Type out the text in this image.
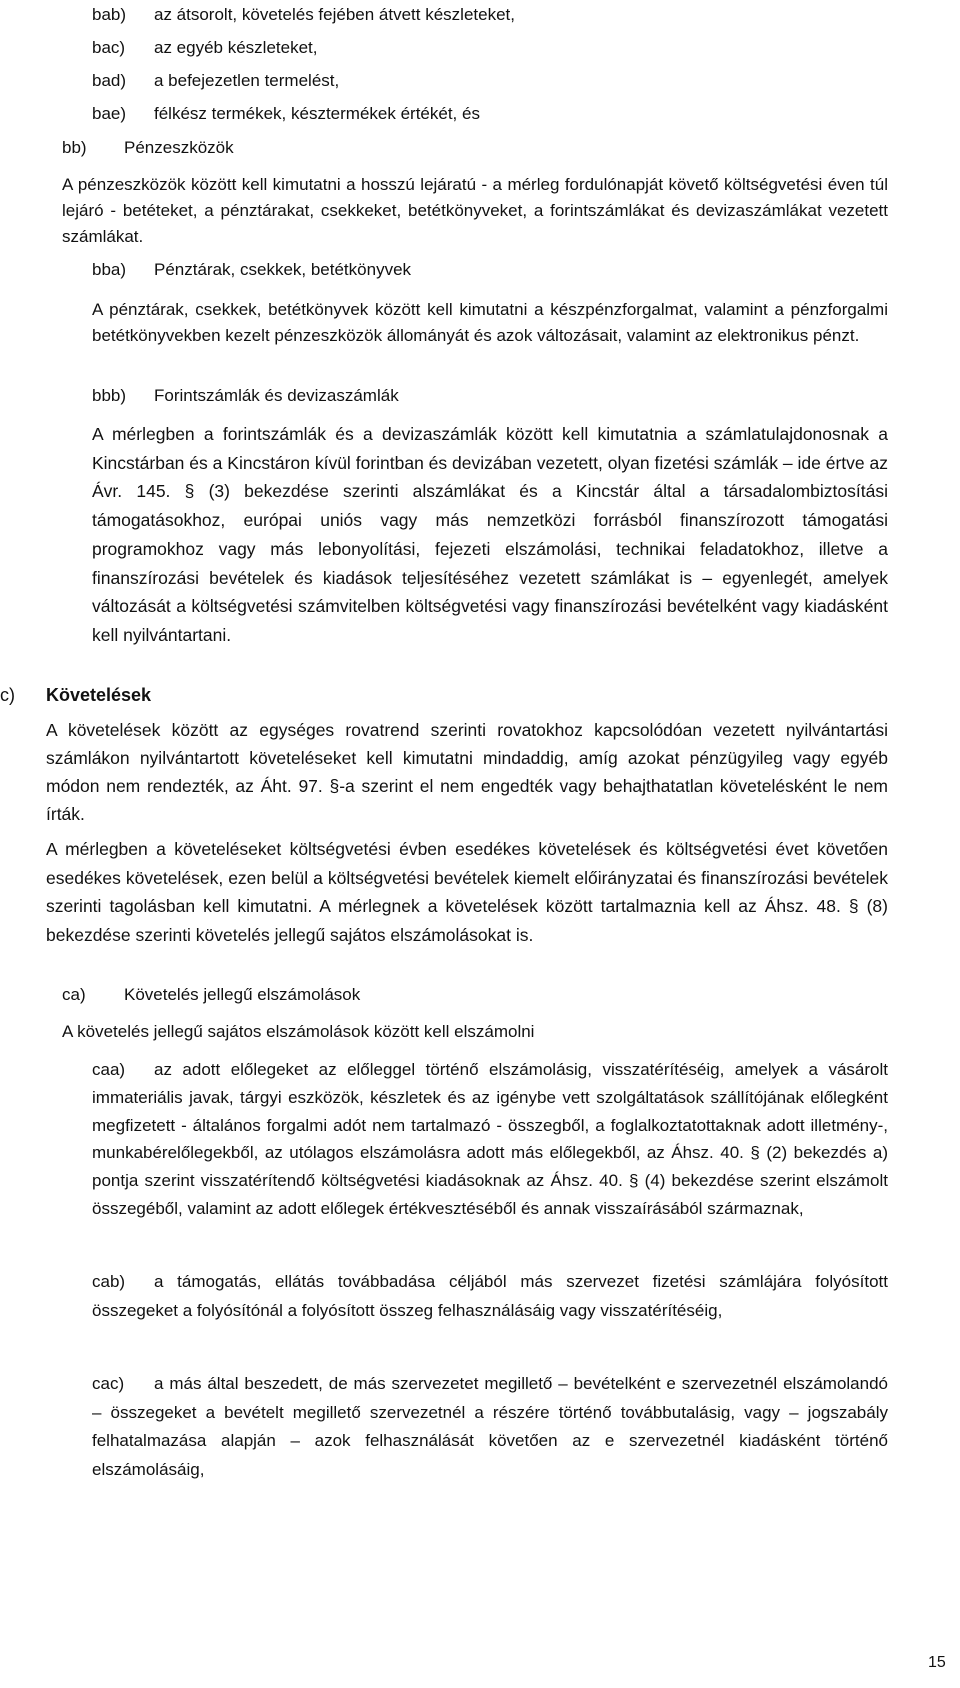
bab) az átsorolt, követelés fejében átvett készleteket,
bac) az egyéb készleteket,
bad) a befejezetlen termelést,
bae) félkész termékek, késztermékek értékét, és
bb) Pénzeszközök

A pénzeszközök között kell kimutatni a hosszú lejáratú - a mérleg fordulónapját követő költségvetési éven túl lejáró - betéteket, a pénztárakat, csekkeket, betétkönyveket, a forintszámlákat és devizaszámlákat vezetett számlákat.

bba) Pénztárak, csekkek, betétkönyvek

A pénztárak, csekkek, betétkönyvek között kell kimutatni a készpénzforgalmat, valamint a pénzforgalmi betétkönyvekben kezelt pénzeszközök állományát és azok változásait, valamint az elektronikus pénzt.

bbb) Forintszámlák és devizaszámlák

A mérlegben a forintszámlák és a devizaszámlák között kell kimutatnia a számlatulajdonosnak a Kincstárban és a Kincstáron kívül forintban és devizában vezetett, olyan fizetési számlák – ide értve az Ávr. 145. § (3) bekezdése szerinti alszámlákat és a Kincstár által a társadalombiztosítási támogatásokhoz, európai uniós vagy más nemzetközi forrásból finanszírozott támogatási programokhoz vagy más lebonyolítási, fejezeti elszámolási, technikai feladatokhoz, illetve a finanszírozási bevételek és kiadások teljesítéséhez vezetett számlákat is – egyenlegét, amelyek változását a költségvetési számvitelben költségvetési vagy finanszírozási bevételként vagy kiadásként kell nyilvántartani.

c) Követelések

A követelések között az egységes rovatrend szerinti rovatokhoz kapcsolódóan vezetett nyilvántartási számlákon nyilvántartott követeléseket kell kimutatni mindaddig, amíg azokat pénzügyileg vagy egyéb módon nem rendezték, az Áht. 97. §-a szerint el nem engedték vagy behajthatatlan követelésként le nem írták.

A mérlegben a követeléseket költségvetési évben esedékes követelések és költségvetési évet követően esedékes követelések, ezen belül a költségvetési bevételek kiemelt előirányzatai és finanszírozási bevételek szerinti tagolásban kell kimutatni. A mérlegnek a követelések között tartalmaznia kell az Áhsz. 48. § (8) bekezdése szerinti követelés jellegű sajátos elszámolásokat is.

ca) Követelés jellegű elszámolások
A követelés jellegű sajátos elszámolások között kell elszámolni

caa) az adott előlegeket az előleggel történő elszámolásig, visszatérítéséig, amelyek a vásárolt immateriális javak, tárgyi eszközök, készletek és az igénybe vett szolgáltatások szállítójának előlegként megfizetett - általános forgalmi adót nem tartalmazó - összegből, a foglalkoztatottaknak adott illetmény-, munkabérelőlegekből, az utólagos elszámolásra adott más előlegekből, az Áhsz. 40. § (2) bekezdés a) pontja szerint visszatérítendő költségvetési kiadásoknak az Áhsz. 40. § (4) bekezdése szerint elszámolt összegéből, valamint az adott előlegek értékvesztéséből és annak visszaírásából származnak,

cab) a támogatás, ellátás továbbadása céljából más szervezet fizetési számlájára folyósított összegeket a folyósítónál a folyósított összeg felhasználásáig vagy visszatérítéséig,

cac) a más által beszedett, de más szervezetet megillető – bevételként e szervezetnél elszámolandó – összegeket a bevételt megillető szervezetnél a részére történő továbbutalásig, vagy – jogszabály felhatalmazása alapján – azok felhasználását követően az e szervezetnél kiadásként történő elszámolásáig,

15
